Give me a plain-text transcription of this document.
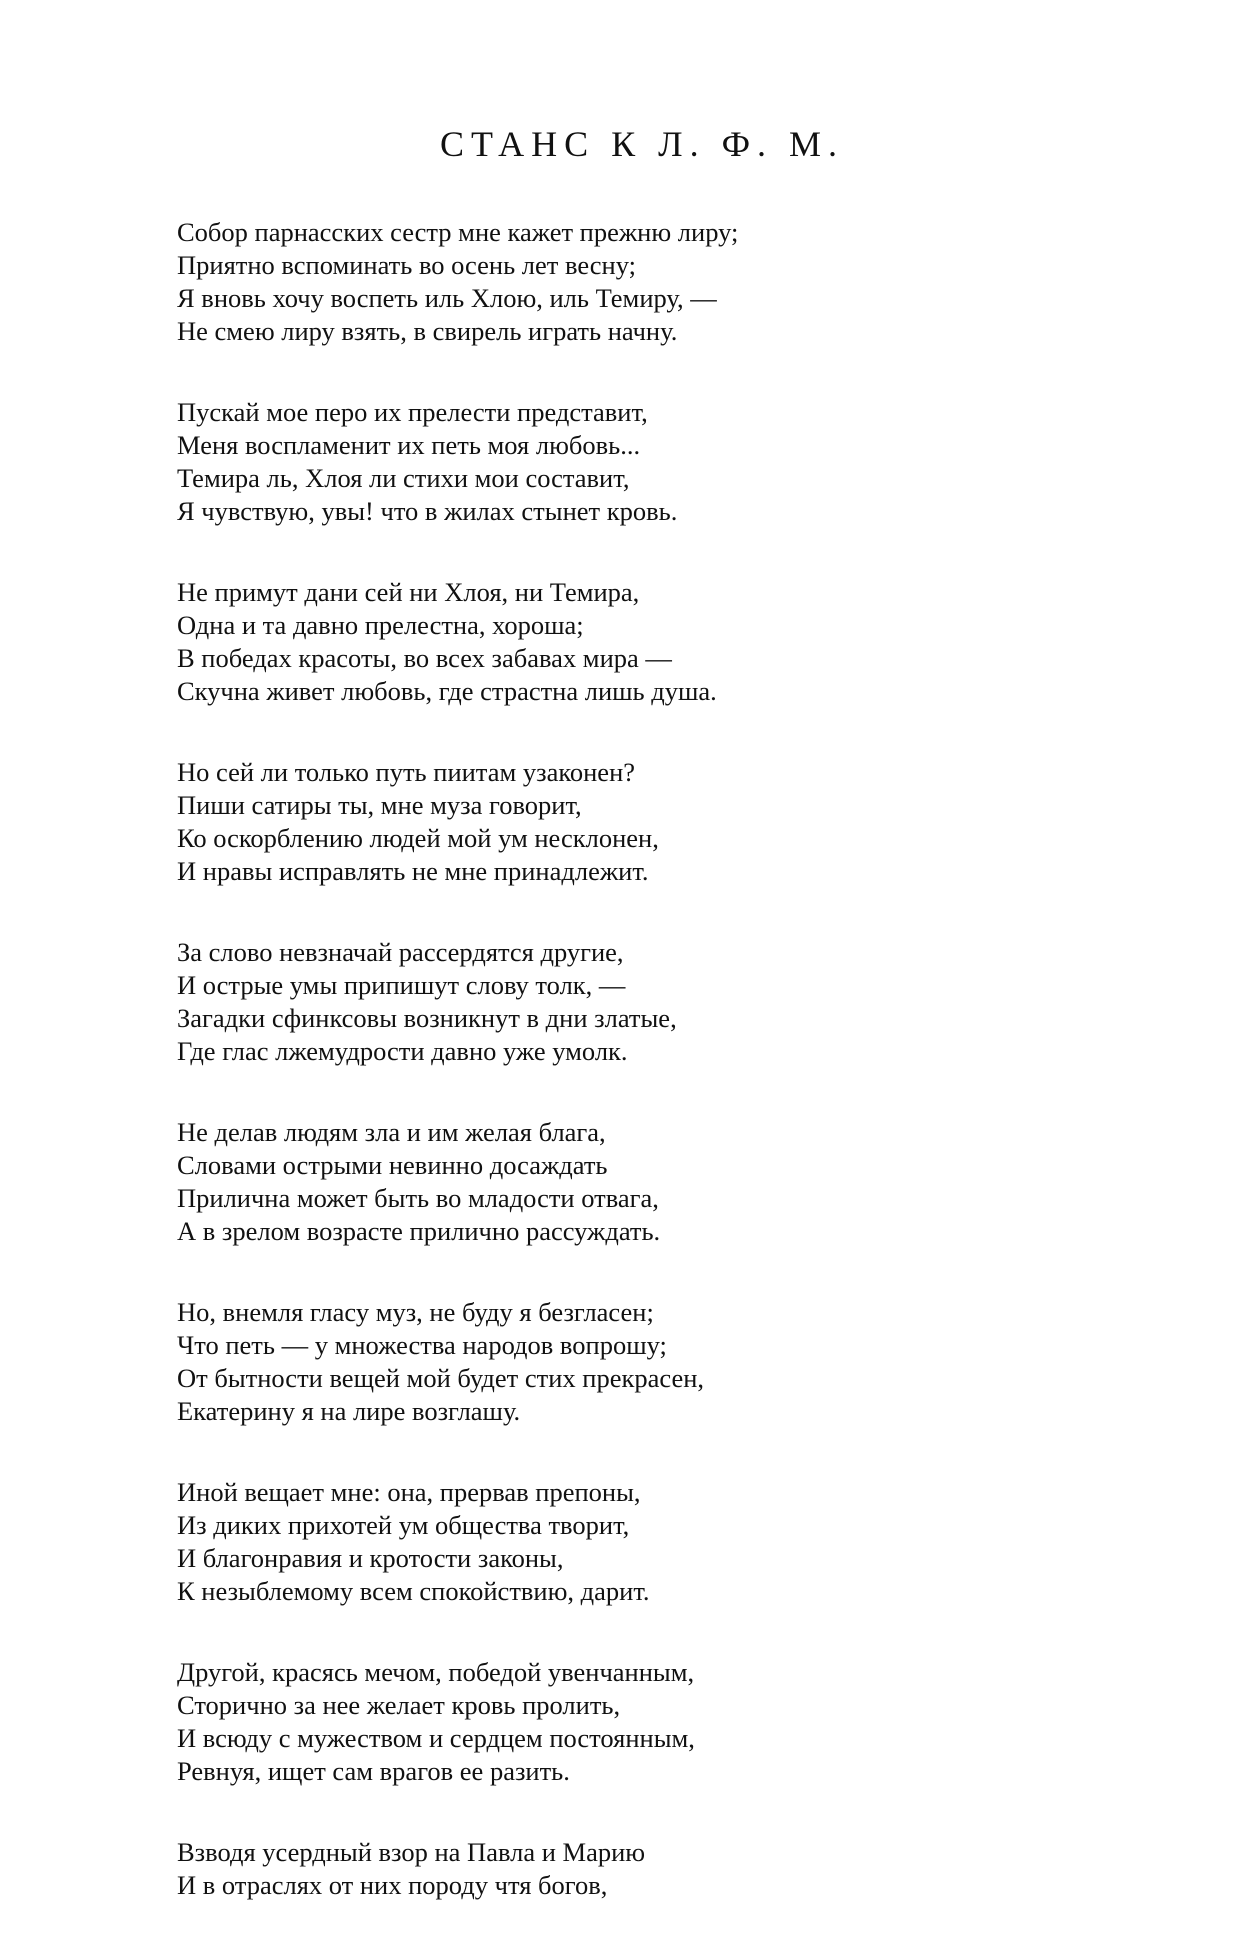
СТАНС К Л. Ф. М.
Собор парнасских сестр мне кажет прежню лиру;
Приятно вспоминать во осень лет весну;
Я вновь хочу воспеть иль Хлою, иль Темиру, —
Не смею лиру взять, в свирель играть начну.
Пускай мое перо их прелести представит,
Меня воспламенит их петь моя любовь...
Темира ль, Хлоя ли стихи мои составит,
Я чувствую, увы! что в жилах стынет кровь.
Не примут дани сей ни Хлоя, ни Темира,
Одна и та давно прелестна, хороша;
В победах красоты, во всех забавах мира —
Скучна живет любовь, где страстна лишь душа.
Но сей ли только путь пиитам узаконен?
Пиши сатиры ты, мне муза говорит,
Ко оскорблению людей мой ум несклонен,
И нравы исправлять не мне принадлежит.
За слово невзначай рассердятся другие,
И острые умы припишут слову толк, —
Загадки сфинксовы возникнут в дни златые,
Где глас лжемудрости давно уже умолк.
Не делав людям зла и им желая блага,
Словами острыми невинно досаждать
Прилична может быть во младости отвага,
А в зрелом возрасте прилично рассуждать.
Но, внемля гласу муз, не буду я безгласен;
Что петь — у множества народов вопрошу;
От бытности вещей мой будет стих прекрасен,
Екатерину я на лире возглашу.
Иной вещает мне: она, прервав препоны,
Из диких прихотей ум общества творит,
И благонравия и кротости законы,
К незыблемому всем спокойствию, дарит.
Другой, красясь мечом, победой увенчанным,
Сторично за нее желает кровь пролить,
И всюду с мужеством и сердцем постоянным,
Ревнуя, ищет сам врагов ее разить.
Взводя усердный взор на Павла и Марию
И в отраслях от них породу чтя богов,
